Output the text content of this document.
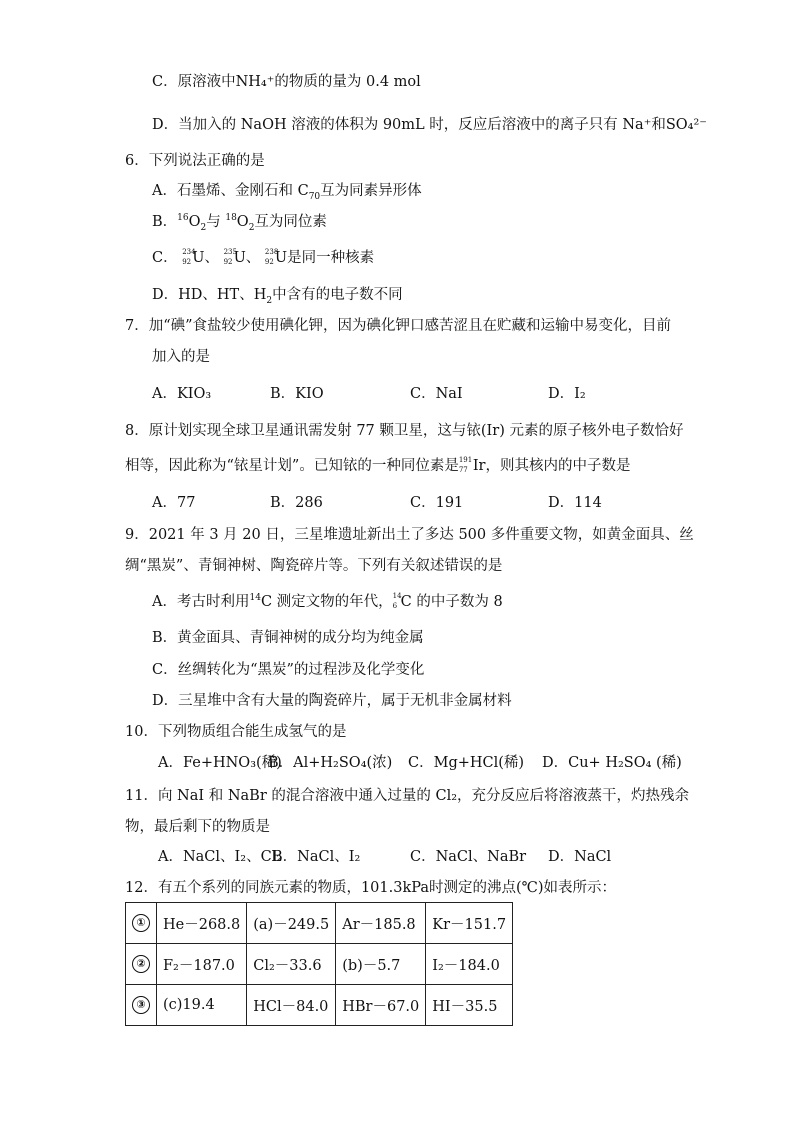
C．原溶液中NH₄⁺的物质的量为 0.4 mol
D．当加入的 NaOH 溶液的体积为 90mL 时，反应后溶液中的离子只有 Na⁺和SO₄²⁻
6．下列说法正确的是
A．石墨烯、金刚石和 $C_{70}$互为同素异形体
B．$^{16}O_2$与 $^{18}O_2$互为同位素
C． 234
92 U、 235
92 U、 238
92 U是同一种核素
D．HD、HT、$H_2$中含有的电子数不同
7．加“碘”食盐较少使用碘化钾，因为碘化钾口感苦涩且在贮藏和运输中易变化，目前
加入的是
A．KIO₃	B．KIO	C．NaI	D．I₂
8．原计划实现全球卫星通讯需发射 77 颗卫星，这与铱(Ir) 元素的原子核外电子数恰好
相等，因此称为“铱星计划”。已知铱的一种同位素是 191
77 Ir，则其核内的中子数是
A．77	B．286	C．191	D．114
9．2021 年 3 月 20 日，三星堆遗址新出土了多达 500 多件重要文物，如黄金面具、丝
绸“黑炭”、青铜神树、陶瓷碎片等。下列有关叙述错误的是
A．考古时利用$^{14}$C 测定文物的年代， 14
6 C 的中子数为 8
B．黄金面具、青铜神树的成分均为纯金属
C．丝绸转化为“黑炭”的过程涉及化学变化
D．三星堆中含有大量的陶瓷碎片，属于无机非金属材料
10．下列物质组合能生成氢气的是
A．Fe+HNO₃(稀)
B．Al+H₂SO₄(浓) C．Mg+HCl(稀) D．Cu+ H₂SO₄ (稀)
11．向 NaI 和 NaBr 的混合溶液中通入过量的 Cl₂，充分反应后将溶液蒸干，灼热残余
物，最后剩下的物质是
A．NaCl、I₂、Cl₂
B．NaCl、I₂	C．NaCl、NaBr D．NaCl
12．有五个系列的同族元素的物质，101.3kPa时测定的沸点(℃)如表所示：
①	He－268.8	(a)－249.5	Ar－185.8	Kr－151.7
②	F₂－187.0	Cl₂－33.6	(b)－5.7	I₂－184.0
③	(c)19.4	HCl－84.0	HBr－67.0	HI－35.5
